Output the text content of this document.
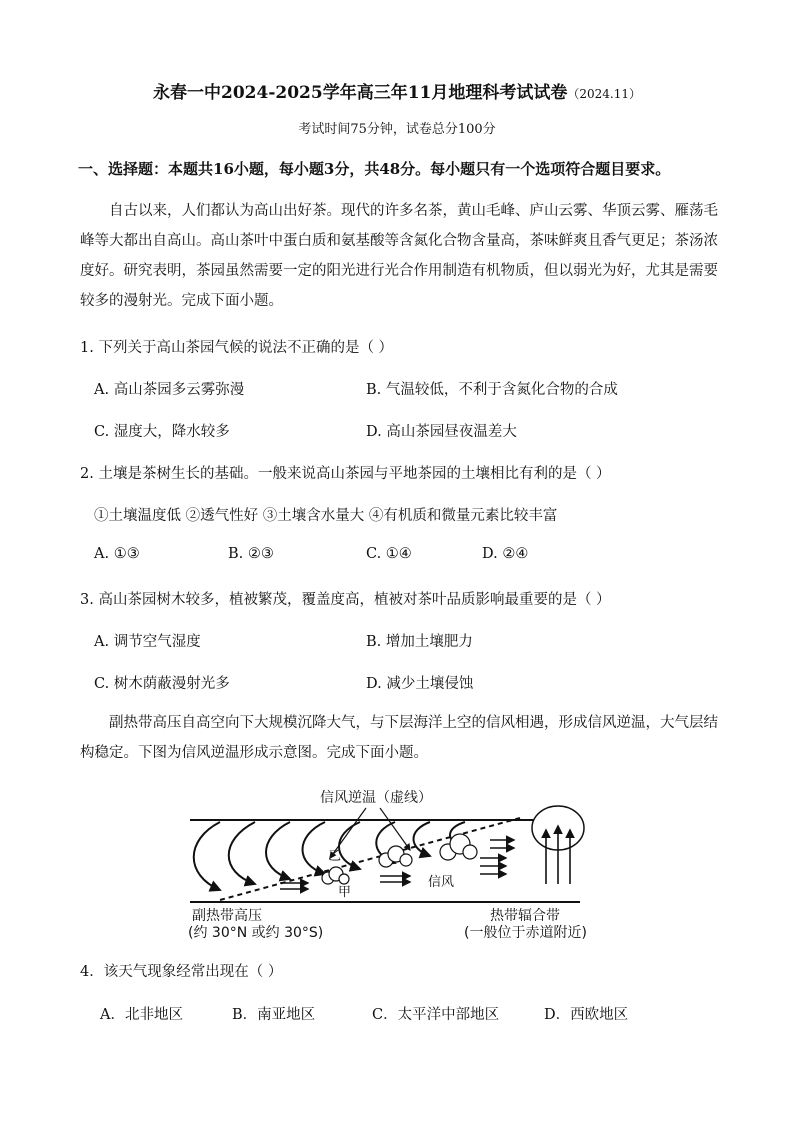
永春一中2024-2025学年高三年11月地理科考试试卷（2024.11）
考试时间75分钟，试卷总分100分
一、选择题：本题共16小题，每小题3分，共48分。每小题只有一个选项符合题目要求。
自古以来，人们都认为高山出好茶。现代的许多名茶，黄山毛峰、庐山云雾、华顶云雾、雁荡毛峰等大都出自高山。高山茶叶中蛋白质和氨基酸等含氮化合物含量高，茶味鲜爽且香气更足；茶汤浓度好。研究表明，茶园虽然需要一定的阳光进行光合作用制造有机物质，但以弱光为好，尤其是需要较多的漫射光。完成下面小题。
1. 下列关于高山茶园气候的说法不正确的是（ ）
A. 高山茶园多云雾弥漫	B. 气温较低，不利于含氮化合物的合成
C. 湿度大，降水较多	D. 高山茶园昼夜温差大
2. 土壤是茶树生长的基础。一般来说高山茶园与平地茶园的土壤相比有利的是（ ）
①土壤温度低 ②透气性好 ③土壤含水量大 ④有机质和微量元素比较丰富
A. ①③	B. ②③	C. ①④	D. ②④
3. 高山茶园树木较多，植被繁茂，覆盖度高，植被对茶叶品质影响最重要的是（ ）
A. 调节空气湿度	B. 增加土壤肥力
C. 树木荫蔽漫射光多	D. 减少土壤侵蚀
副热带高压自高空向下大规模沉降大气，与下层海洋上空的信风相遇，形成信风逆温，大气层结构稳定。下图为信风逆温形成示意图。完成下面小题。
信风逆温（虚线）
乙
甲
信风
副热带高压
(约 30°N 或约 30°S)
热带辐合带
(一般位于赤道附近)
4．该天气现象经常出现在（ ）
A．北非地区	B．南亚地区	C．太平洋中部地区	D．西欧地区
